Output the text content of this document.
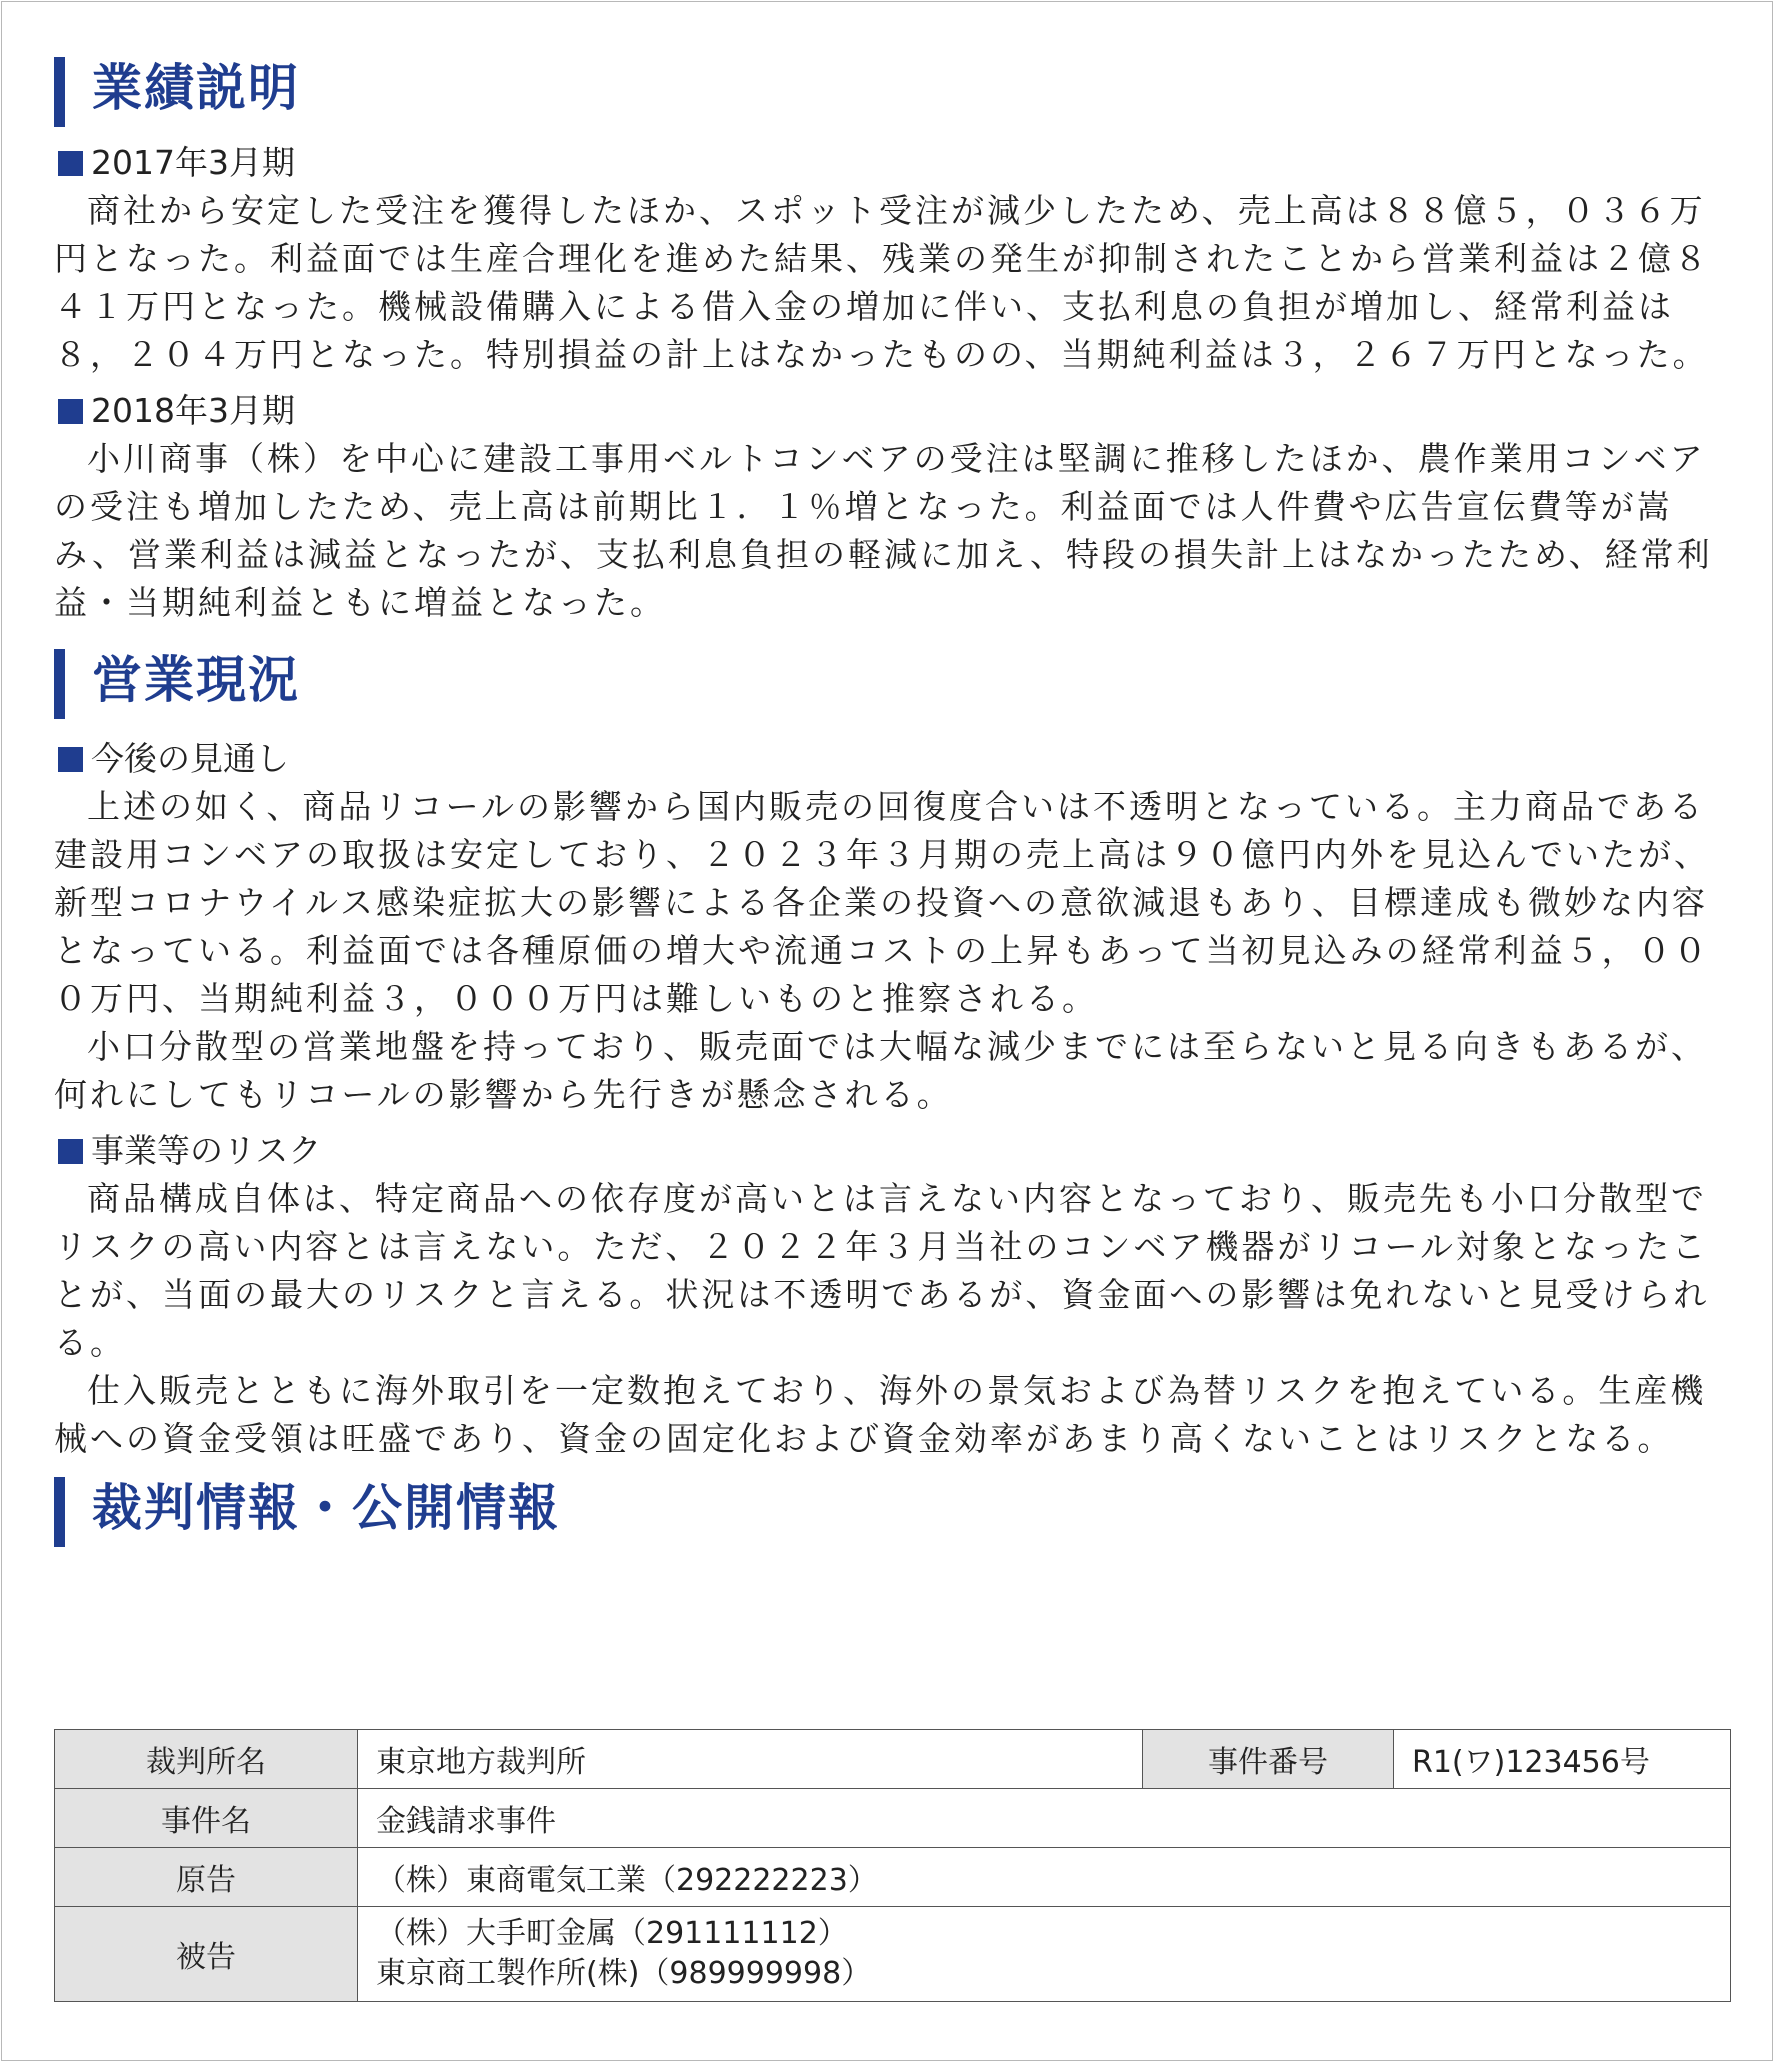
業績説明
2017年3月期

商社から安定した受注を獲得したほか、スポット受注が減少したため、売上高は８８億５，０３６万円となった。利益面では生産合理化を進めた結果、残業の発生が抑制されたことから営業利益は２億８４１万円となった。機械設備購入による借入金の増加に伴い、支払利息の負担が増加し、経常利益は８，２０４万円となった。特別損益の計上はなかったものの、当期純利益は３，２６７万円となった。

2018年3月期

小川商事（株）を中心に建設工事用ベルトコンベアの受注は堅調に推移したほか、農作業用コンベアの受注も増加したため、売上高は前期比１．１％増となった。利益面では人件費や広告宣伝費等が嵩み、営業利益は減益となったが、支払利息負担の軽減に加え、特段の損失計上はなかったため、経常利益・当期純利益ともに増益となった。

営業現況
今後の見通し

上述の如く、商品リコールの影響から国内販売の回復度合いは不透明となっている。主力商品である建設用コンベアの取扱は安定しており、２０２３年３月期の売上高は９０億円内外を見込んでいたが、新型コロナウイルス感染症拡大の影響による各企業の投資への意欲減退もあり、目標達成も微妙な内容となっている。利益面では各種原価の増大や流通コストの上昇もあって当初見込みの経常利益５，０００万円、当期純利益３，０００万円は難しいものと推察される。

小口分散型の営業地盤を持っており、販売面では大幅な減少までには至らないと見る向きもあるが、何れにしてもリコールの影響から先行きが懸念される。

事業等のリスク

商品構成自体は、特定商品への依存度が高いとは言えない内容となっており、販売先も小口分散型でリスクの高い内容とは言えない。ただ、２０２２年３月当社のコンベア機器がリコール対象となったことが、当面の最大のリスクと言える。状況は不透明であるが、資金面への影響は免れないと見受けられる。

仕入販売とともに海外取引を一定数抱えており、海外の景気および為替リスクを抱えている。生産機械への資金受領は旺盛であり、資金の固定化および資金効率があまり高くないことはリスクとなる。

裁判情報・公開情報
裁判所名	東京地方裁判所	事件番号	R1(ワ)123456号
事件名	金銭請求事件		
原告	（株）東商電気工業（292222223）		
被告	（株）大手町金属（291111112）
東京商工製作所(株)（989999998）		
